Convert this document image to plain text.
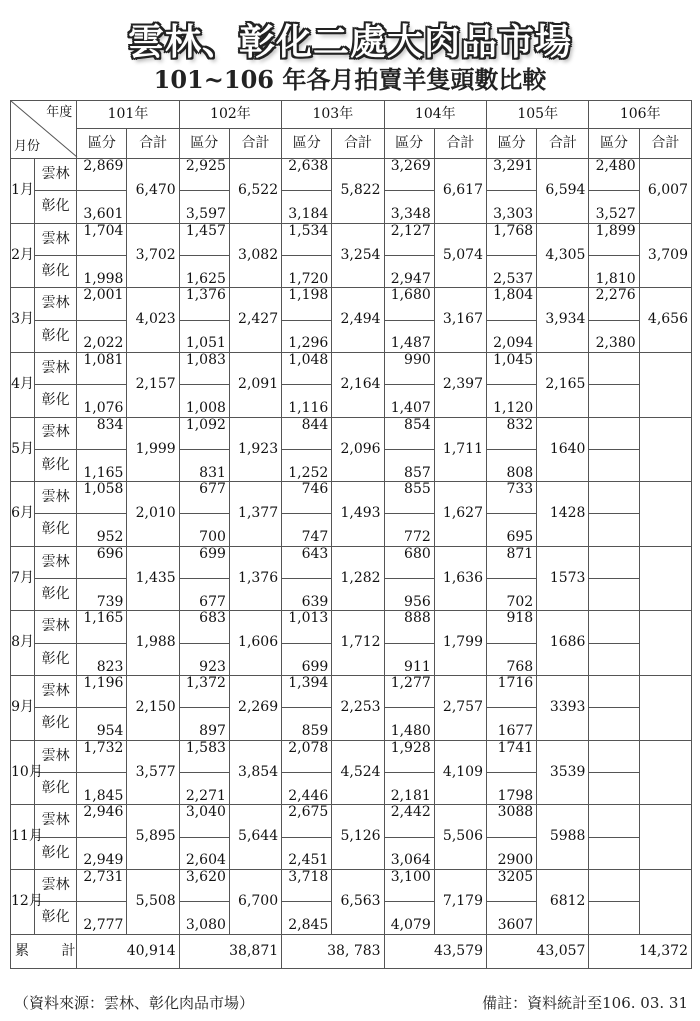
雲林、彰化二處大肉品市場
101~106 年各月拍賣羊隻頭數比較
年度
月份		101年		102年		103年		104年		105年		106年	
		區分	合計	區分	合計	區分	合計	區分	合計	區分	合計	區分	合計
1月	雲林	2,869	6,470	2,925	6,522	2,638	5,822	3,269	6,617	3,291	6,594	2,480	6,007
	彰化	3,601		3,597		3,184		3,348		3,303		3,527	
2月	雲林	1,704	3,702	1,457	3,082	1,534	3,254	2,127	5,074	1,768	4,305	1,899	3,709
	彰化	1,998		1,625		1,720		2,947		2,537		1,810	
3月	雲林	2,001	4,023	1,376	2,427	1,198	2,494	1,680	3,167	1,804	3,934	2,276	4,656
	彰化	2,022		1,051		1,296		1,487		2,094		2,380	
4月	雲林	1,081	2,157	1,083	2,091	1,048	2,164	990	2,397	1,045	2,165		
	彰化	1,076		1,008		1,116		1,407		1,120			
5月	雲林	834	1,999	1,092	1,923	844	2,096	854	1,711	832	1640		
	彰化	1,165		831		1,252		857		808			
6月	雲林	1,058	2,010	677	1,377	746	1,493	855	1,627	733	1428		
	彰化	952		700		747		772		695			
7月	雲林	696	1,435	699	1,376	643	1,282	680	1,636	871	1573		
	彰化	739		677		639		956		702			
8月	雲林	1,165	1,988	683	1,606	1,013	1,712	888	1,799	918	1686		
	彰化	823		923		699		911		768			
9月	雲林	1,196	2,150	1,372	2,269	1,394	2,253	1,277	2,757	1716	3393		
	彰化	954		897		859		1,480		1677			
10月	雲林	1,732	3,577	1,583	3,854	2,078	4,524	1,928	4,109	1741	3539		
	彰化	1,845		2,271		2,446		2,181		1798			
11月	雲林	2,946	5,895	3,040	5,644	2,675	5,126	2,442	5,506	3088	5988		
	彰化	2,949		2,604		2,451		3,064		2900			
12月	雲林	2,731	5,508	3,620	6,700	3,718	6,563	3,100	7,179	3205	6812		
	彰化	2,777		3,080		2,845		4,079		3607			
累 計		40,914		38,871		38, 783		43,579		43,057		14,372	
（資料來源：雲林、彰化肉品市場）	備註：資料統計至106. 03. 31
